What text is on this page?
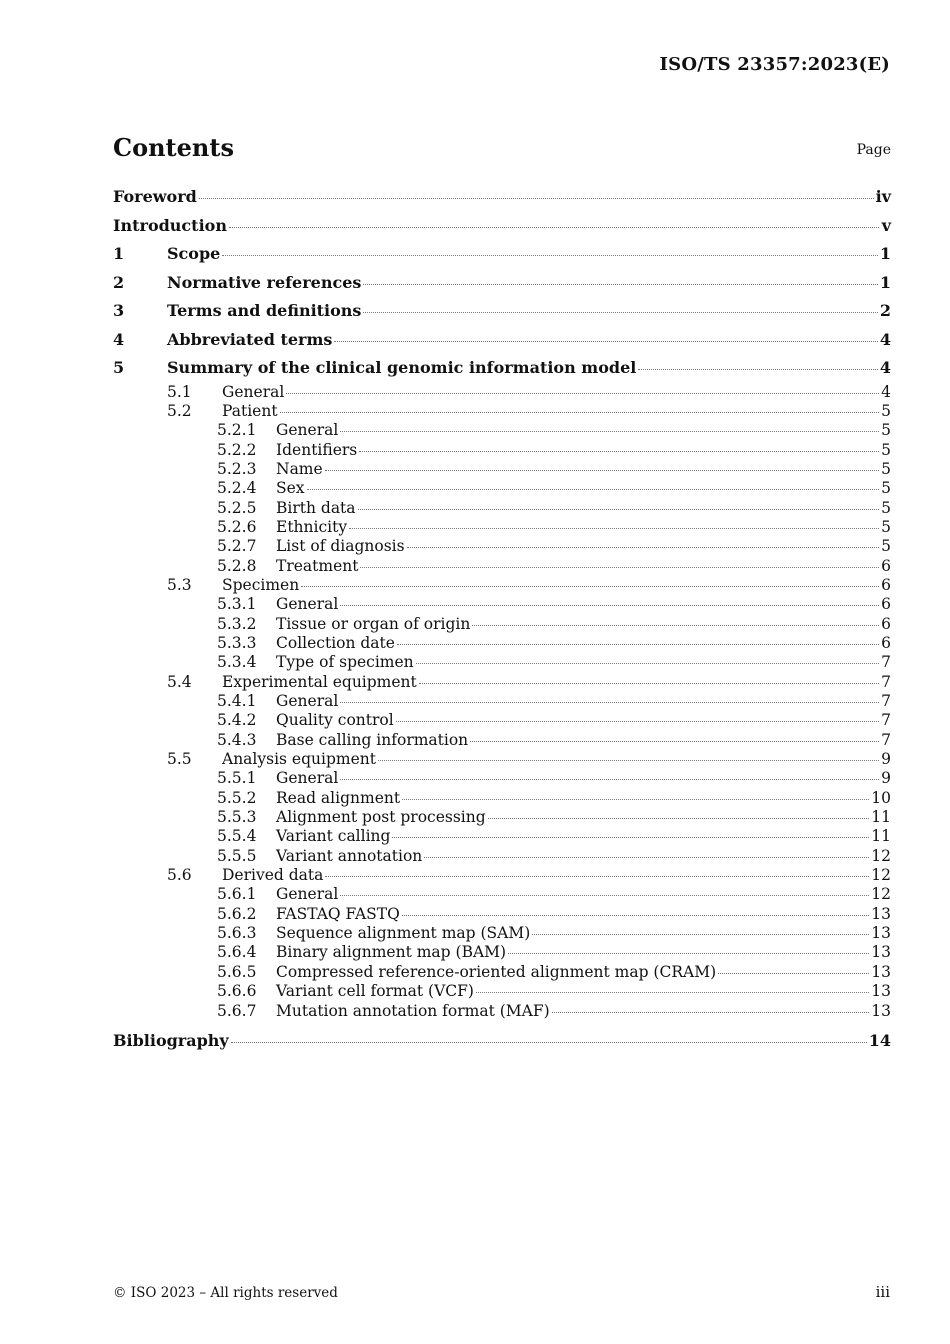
ISO/TS 23357:2023(E)
Contents	Page
Foreword	iv
Introduction	v
1	Scope	1
2	Normative references	1
3	Terms and definitions	2
4	Abbreviated terms	4
5	Summary of the clinical genomic information model	4
5.1	General	4
5.2	Patient	5
5.2.1	General	5
5.2.2	Identifiers	5
5.2.3	Name	5
5.2.4	Sex	5
5.2.5	Birth data	5
5.2.6	Ethnicity	5
5.2.7	List of diagnosis	5
5.2.8	Treatment	6
5.3	Specimen	6
5.3.1	General	6
5.3.2	Tissue or organ of origin	6
5.3.3	Collection date	6
5.3.4	Type of specimen	7
5.4	Experimental equipment	7
5.4.1	General	7
5.4.2	Quality control	7
5.4.3	Base calling information	7
5.5	Analysis equipment	9
5.5.1	General	9
5.5.2	Read alignment	10
5.5.3	Alignment post processing	11
5.5.4	Variant calling	11
5.5.5	Variant annotation	12
5.6	Derived data	12
5.6.1	General	12
5.6.2	FASTAQ FASTQ	13
5.6.3	Sequence alignment map (SAM)	13
5.6.4	Binary alignment map (BAM)	13
5.6.5	Compressed reference-oriented alignment map (CRAM)	13
5.6.6	Variant cell format (VCF)	13
5.6.7	Mutation annotation format (MAF)	13
Bibliography	14
© ISO 2023 – All rights reserved	iii
